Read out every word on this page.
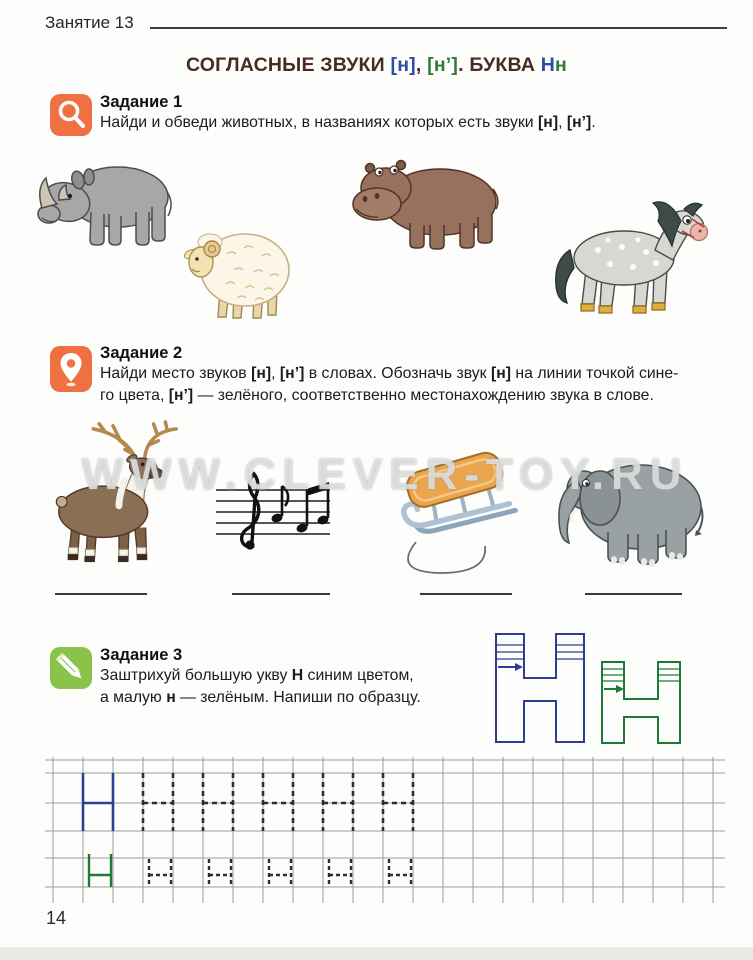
Занятие 13
СОГЛАСНЫЕ ЗВУКИ [н], [н’]. БУКВА Нн
Задание 1
Найди и обведи животных, в названиях которых есть звуки [н], [н’].
Задание 2
Найди место звуков [н], [н’] в словах. Обозначь звук [н] на линии точкой сине-
го цвета, [н’] — зелёного, соответственно местонахождению звука в слове.
WWW.CLEVER-TOY.RU
Задание 3
Заштрихуй большую укву Н синим цветом,
а малую н — зелёным. Напиши по образцу.
14
